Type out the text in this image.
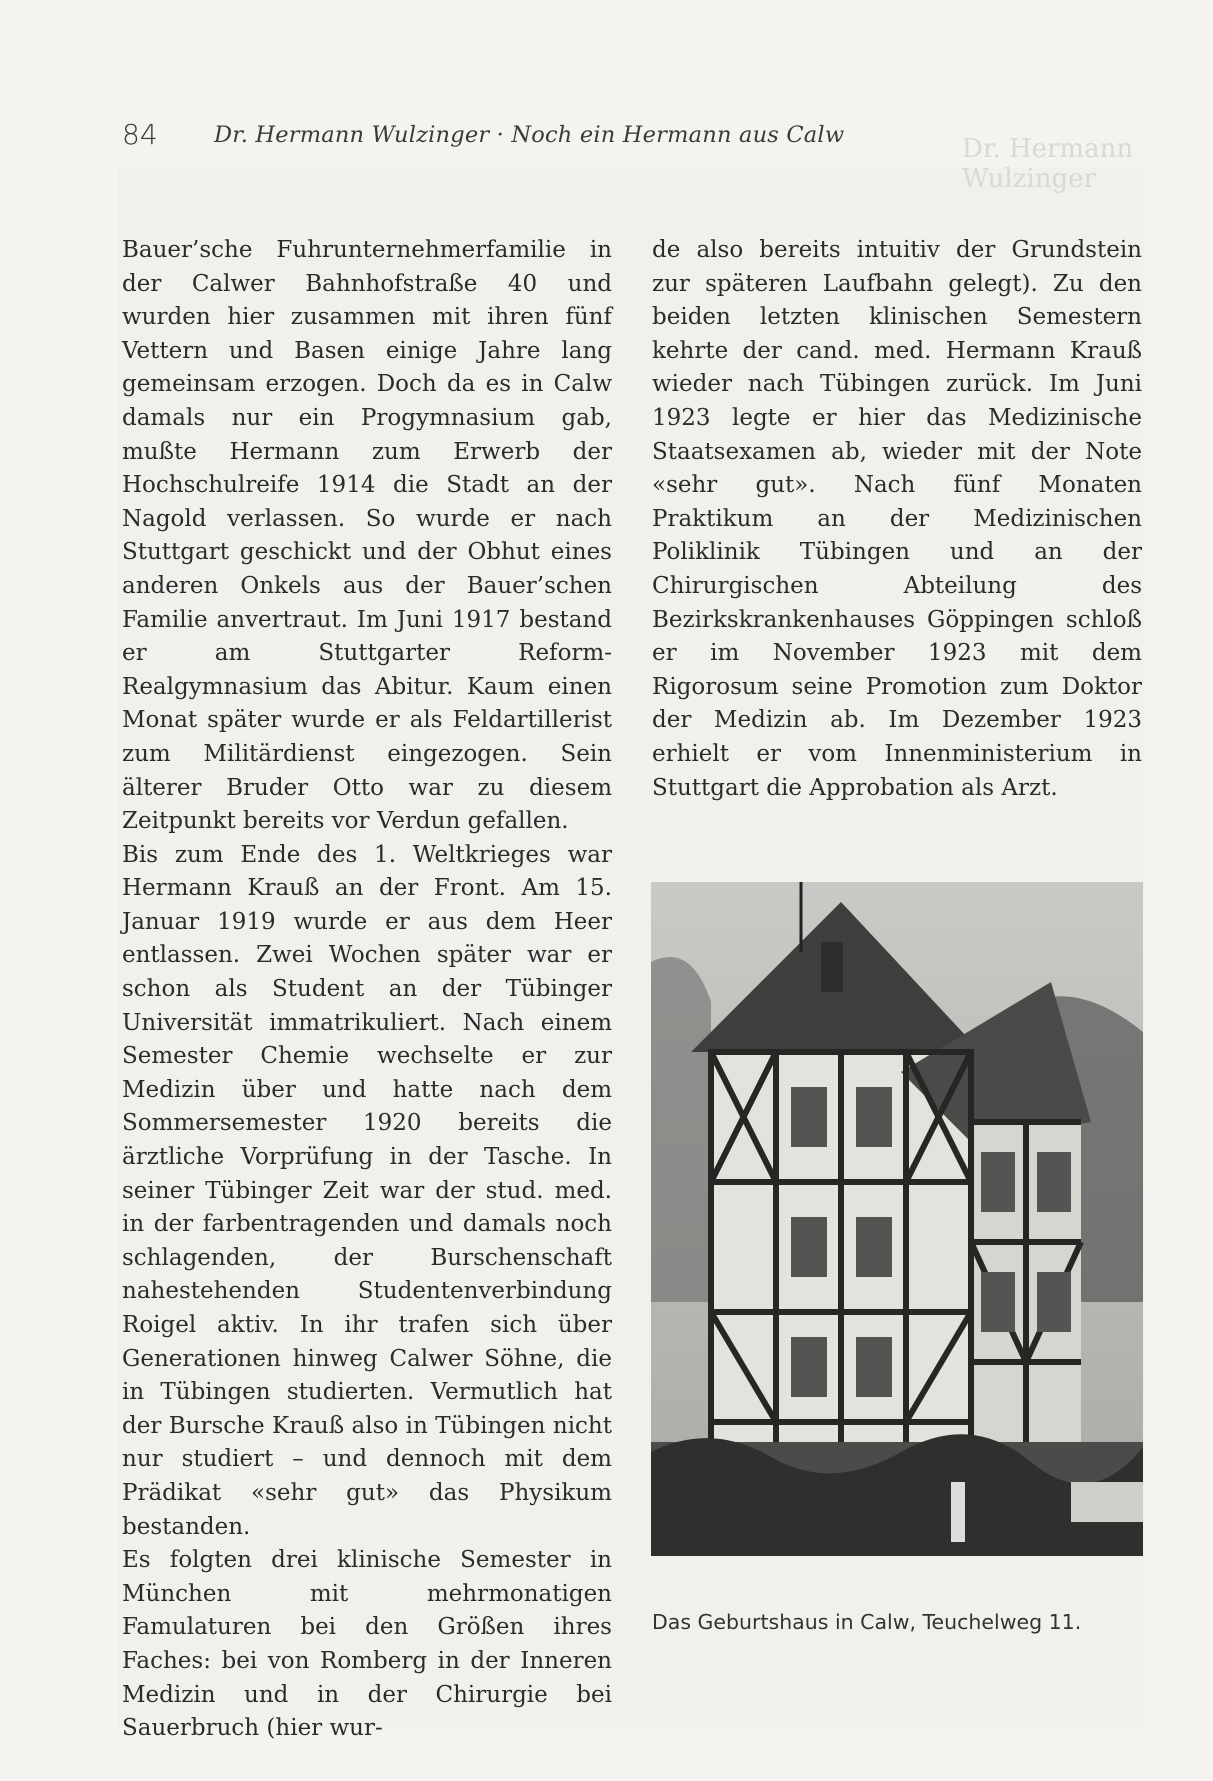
Dr. Hermann Wulzinger
84	Dr. Hermann Wulzinger · Noch ein Hermann aus Calw

Bauer’sche Fuhrunternehmerfamilie in der Calwer Bahnhofstraße 40 und wurden hier zusammen mit ihren fünf Vettern und Basen einige Jahre lang gemeinsam erzogen. Doch da es in Calw damals nur ein Progymnasium gab, mußte Hermann zum Erwerb der Hochschulreife 1914 die Stadt an der Nagold verlassen. So wurde er nach Stuttgart geschickt und der Obhut eines anderen Onkels aus der Bauer’schen Familie anvertraut. Im Juni 1917 bestand er am Stuttgarter Reform-Realgymnasium das Abitur. Kaum einen Monat später wurde er als Feldartillerist zum Militärdienst eingezogen. Sein älterer Bruder Otto war zu diesem Zeitpunkt bereits vor Verdun gefallen.

Bis zum Ende des 1. Weltkrieges war Hermann Krauß an der Front. Am 15. Januar 1919 wurde er aus dem Heer entlassen. Zwei Wochen später war er schon als Student an der Tübinger Universität immatrikuliert. Nach einem Semester Chemie wechselte er zur Medizin über und hatte nach dem Sommersemester 1920 bereits die ärztliche Vorprüfung in der Tasche. In seiner Tübinger Zeit war der stud. med. in der farbentragenden und damals noch schlagenden, der Burschenschaft nahestehenden Studentenverbindung Roigel aktiv. In ihr trafen sich über Generationen hinweg Calwer Söhne, die in Tübingen studierten. Vermutlich hat der Bursche Krauß also in Tübingen nicht nur studiert – und dennoch mit dem Prädikat «sehr gut» das Physikum bestanden.

Es folgten drei klinische Semester in München mit mehrmonatigen Famulaturen bei den Größen ihres Faches: bei von Romberg in der Inneren Medizin und in der Chirurgie bei Sauerbruch (hier wur-

de also bereits intuitiv der Grundstein zur späteren Laufbahn gelegt). Zu den beiden letzten klinischen Semestern kehrte der cand. med. Hermann Krauß wieder nach Tübingen zurück. Im Juni 1923 legte er hier das Medizinische Staatsexamen ab, wieder mit der Note «sehr gut». Nach fünf Monaten Praktikum an der Medizinischen Poliklinik Tübingen und an der Chirurgischen Abteilung des Bezirkskrankenhauses Göppingen schloß er im November 1923 mit dem Rigorosum seine Promotion zum Doktor der Medizin ab. Im Dezember 1923 erhielt er vom Innenministerium in Stuttgart die Approbation als Arzt.

Das Geburtshaus in Calw, Teuchelweg 11.
